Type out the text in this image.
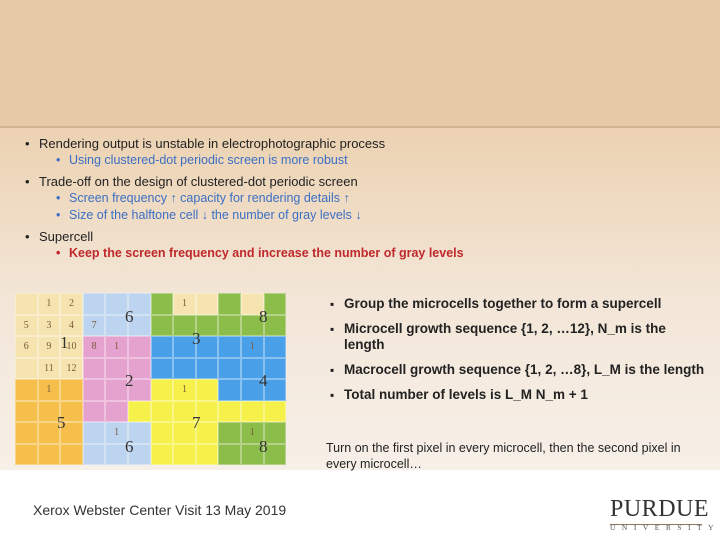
• Rendering output is unstable in electrophotographic process
• Using clustered-dot periodic screen is more robust
• Trade-off on the design of clustered-dot periodic screen
• Screen frequency ↑ capacity for rendering details ↑
• Size of the halftone cell ↓ the number of gray levels ↓
• Supercell
• Keep the screen frequency and increase the number of gray levels
1	2	1
5	3	4	7
6	9	10	8	1	1
11	12
1	1
1	1
1
6
3
8
2	4
5	7
6	8
▪ Group the microcells together to form a supercell
▪ Microcell growth sequence {1, 2, …12}, N_m is the length
▪ Macrocell growth sequence {1, 2, …8}, L_M is the length
▪ Total number of levels is L_M N_m + 1
Turn on the first pixel in every microcell, then the second pixel in every microcell…
Xerox Webster Center Visit 13 May 2019	PURDUE
UNIVERSITY
